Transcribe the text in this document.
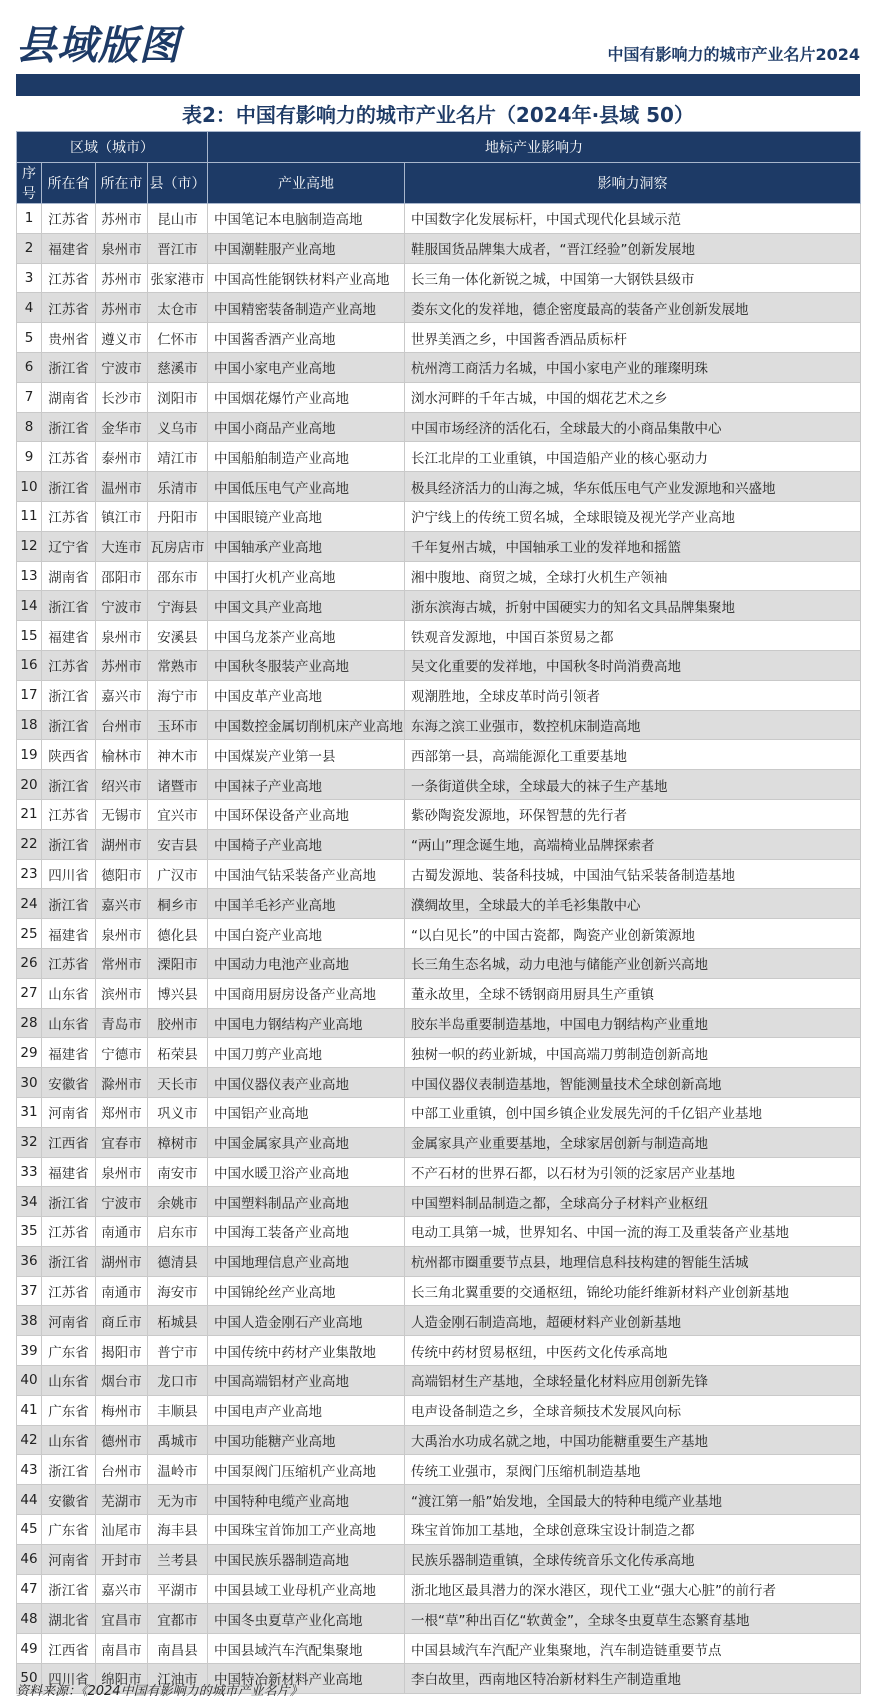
县域版图	中国有影响力的城市产业名片2024
表2：中国有影响力的城市产业名片（2024年·县域 50）
区域（城市）				地标产业影响力	
序号	所在省	所在市	县（市）	产业高地	影响力洞察
1	江苏省	苏州市	昆山市	中国笔记本电脑制造高地	中国数字化发展标杆，中国式现代化县域示范
2	福建省	泉州市	晋江市	中国潮鞋服产业高地	鞋服国货品牌集大成者，“晋江经验”创新发展地
3	江苏省	苏州市	张家港市	中国高性能钢铁材料产业高地	长三角一体化新锐之城，中国第一大钢铁县级市
4	江苏省	苏州市	太仓市	中国精密装备制造产业高地	娄东文化的发祥地，德企密度最高的装备产业创新发展地
5	贵州省	遵义市	仁怀市	中国酱香酒产业高地	世界美酒之乡，中国酱香酒品质标杆
6	浙江省	宁波市	慈溪市	中国小家电产业高地	杭州湾工商活力名城，中国小家电产业的璀璨明珠
7	湖南省	长沙市	浏阳市	中国烟花爆竹产业高地	浏水河畔的千年古城，中国的烟花艺术之乡
8	浙江省	金华市	义乌市	中国小商品产业高地	中国市场经济的活化石，全球最大的小商品集散中心
9	江苏省	泰州市	靖江市	中国船舶制造产业高地	长江北岸的工业重镇，中国造船产业的核心驱动力
10	浙江省	温州市	乐清市	中国低压电气产业高地	极具经济活力的山海之城，华东低压电气产业发源地和兴盛地
11	江苏省	镇江市	丹阳市	中国眼镜产业高地	沪宁线上的传统工贸名城，全球眼镜及视光学产业高地
12	辽宁省	大连市	瓦房店市	中国轴承产业高地	千年复州古城，中国轴承工业的发祥地和摇篮
13	湖南省	邵阳市	邵东市	中国打火机产业高地	湘中腹地、商贸之城，全球打火机生产领袖
14	浙江省	宁波市	宁海县	中国文具产业高地	浙东滨海古城，折射中国硬实力的知名文具品牌集聚地
15	福建省	泉州市	安溪县	中国乌龙茶产业高地	铁观音发源地，中国百茶贸易之都
16	江苏省	苏州市	常熟市	中国秋冬服装产业高地	吴文化重要的发祥地，中国秋冬时尚消费高地
17	浙江省	嘉兴市	海宁市	中国皮革产业高地	观潮胜地，全球皮革时尚引领者
18	浙江省	台州市	玉环市	中国数控金属切削机床产业高地	东海之滨工业强市，数控机床制造高地
19	陕西省	榆林市	神木市	中国煤炭产业第一县	西部第一县，高端能源化工重要基地
20	浙江省	绍兴市	诸暨市	中国袜子产业高地	一条街道供全球，全球最大的袜子生产基地
21	江苏省	无锡市	宜兴市	中国环保设备产业高地	紫砂陶瓷发源地，环保智慧的先行者
22	浙江省	湖州市	安吉县	中国椅子产业高地	“两山”理念诞生地，高端椅业品牌探索者
23	四川省	德阳市	广汉市	中国油气钻采装备产业高地	古蜀发源地、装备科技城，中国油气钻采装备制造基地
24	浙江省	嘉兴市	桐乡市	中国羊毛衫产业高地	濮绸故里，全球最大的羊毛衫集散中心
25	福建省	泉州市	德化县	中国白瓷产业高地	“以白见长”的中国古瓷都，陶瓷产业创新策源地
26	江苏省	常州市	溧阳市	中国动力电池产业高地	长三角生态名城，动力电池与储能产业创新兴高地
27	山东省	滨州市	博兴县	中国商用厨房设备产业高地	董永故里，全球不锈钢商用厨具生产重镇
28	山东省	青岛市	胶州市	中国电力钢结构产业高地	胶东半岛重要制造基地，中国电力钢结构产业重地
29	福建省	宁德市	柘荣县	中国刀剪产业高地	独树一帜的药业新城，中国高端刀剪制造创新高地
30	安徽省	滁州市	天长市	中国仪器仪表产业高地	中国仪器仪表制造基地，智能测量技术全球创新高地
31	河南省	郑州市	巩义市	中国铝产业高地	中部工业重镇，创中国乡镇企业发展先河的千亿铝产业基地
32	江西省	宜春市	樟树市	中国金属家具产业高地	金属家具产业重要基地，全球家居创新与制造高地
33	福建省	泉州市	南安市	中国水暖卫浴产业高地	不产石材的世界石都，以石材为引领的泛家居产业基地
34	浙江省	宁波市	余姚市	中国塑料制品产业高地	中国塑料制品制造之都，全球高分子材料产业枢纽
35	江苏省	南通市	启东市	中国海工装备产业高地	电动工具第一城，世界知名、中国一流的海工及重装备产业基地
36	浙江省	湖州市	德清县	中国地理信息产业高地	杭州都市圈重要节点县，地理信息科技构建的智能生活城
37	江苏省	南通市	海安市	中国锦纶丝产业高地	长三角北翼重要的交通枢纽，锦纶功能纤维新材料产业创新基地
38	河南省	商丘市	柘城县	中国人造金刚石产业高地	人造金刚石制造高地，超硬材料产业创新基地
39	广东省	揭阳市	普宁市	中国传统中药材产业集散地	传统中药材贸易枢纽，中医药文化传承高地
40	山东省	烟台市	龙口市	中国高端铝材产业高地	高端铝材生产基地，全球轻量化材料应用创新先锋
41	广东省	梅州市	丰顺县	中国电声产业高地	电声设备制造之乡，全球音频技术发展风向标
42	山东省	德州市	禹城市	中国功能糖产业高地	大禹治水功成名就之地，中国功能糖重要生产基地
43	浙江省	台州市	温岭市	中国泵阀门压缩机产业高地	传统工业强市，泵阀门压缩机制造基地
44	安徽省	芜湖市	无为市	中国特种电缆产业高地	“渡江第一船”始发地，全国最大的特种电缆产业基地
45	广东省	汕尾市	海丰县	中国珠宝首饰加工产业高地	珠宝首饰加工基地，全球创意珠宝设计制造之都
46	河南省	开封市	兰考县	中国民族乐器制造高地	民族乐器制造重镇，全球传统音乐文化传承高地
47	浙江省	嘉兴市	平湖市	中国县域工业母机产业高地	浙北地区最具潜力的深水港区，现代工业“强大心脏”的前行者
48	湖北省	宜昌市	宜都市	中国冬虫夏草产业化高地	一根“草”种出百亿“软黄金”，全球冬虫夏草生态繁育基地
49	江西省	南昌市	南昌县	中国县域汽车汽配集聚地	中国县域汽车汽配产业集聚地，汽车制造链重要节点
50	四川省	绵阳市	江油市	中国特冶新材料产业高地	李白故里，西南地区特冶新材料生产制造重地
资料来源：《2024中国有影响力的城市产业名片》
